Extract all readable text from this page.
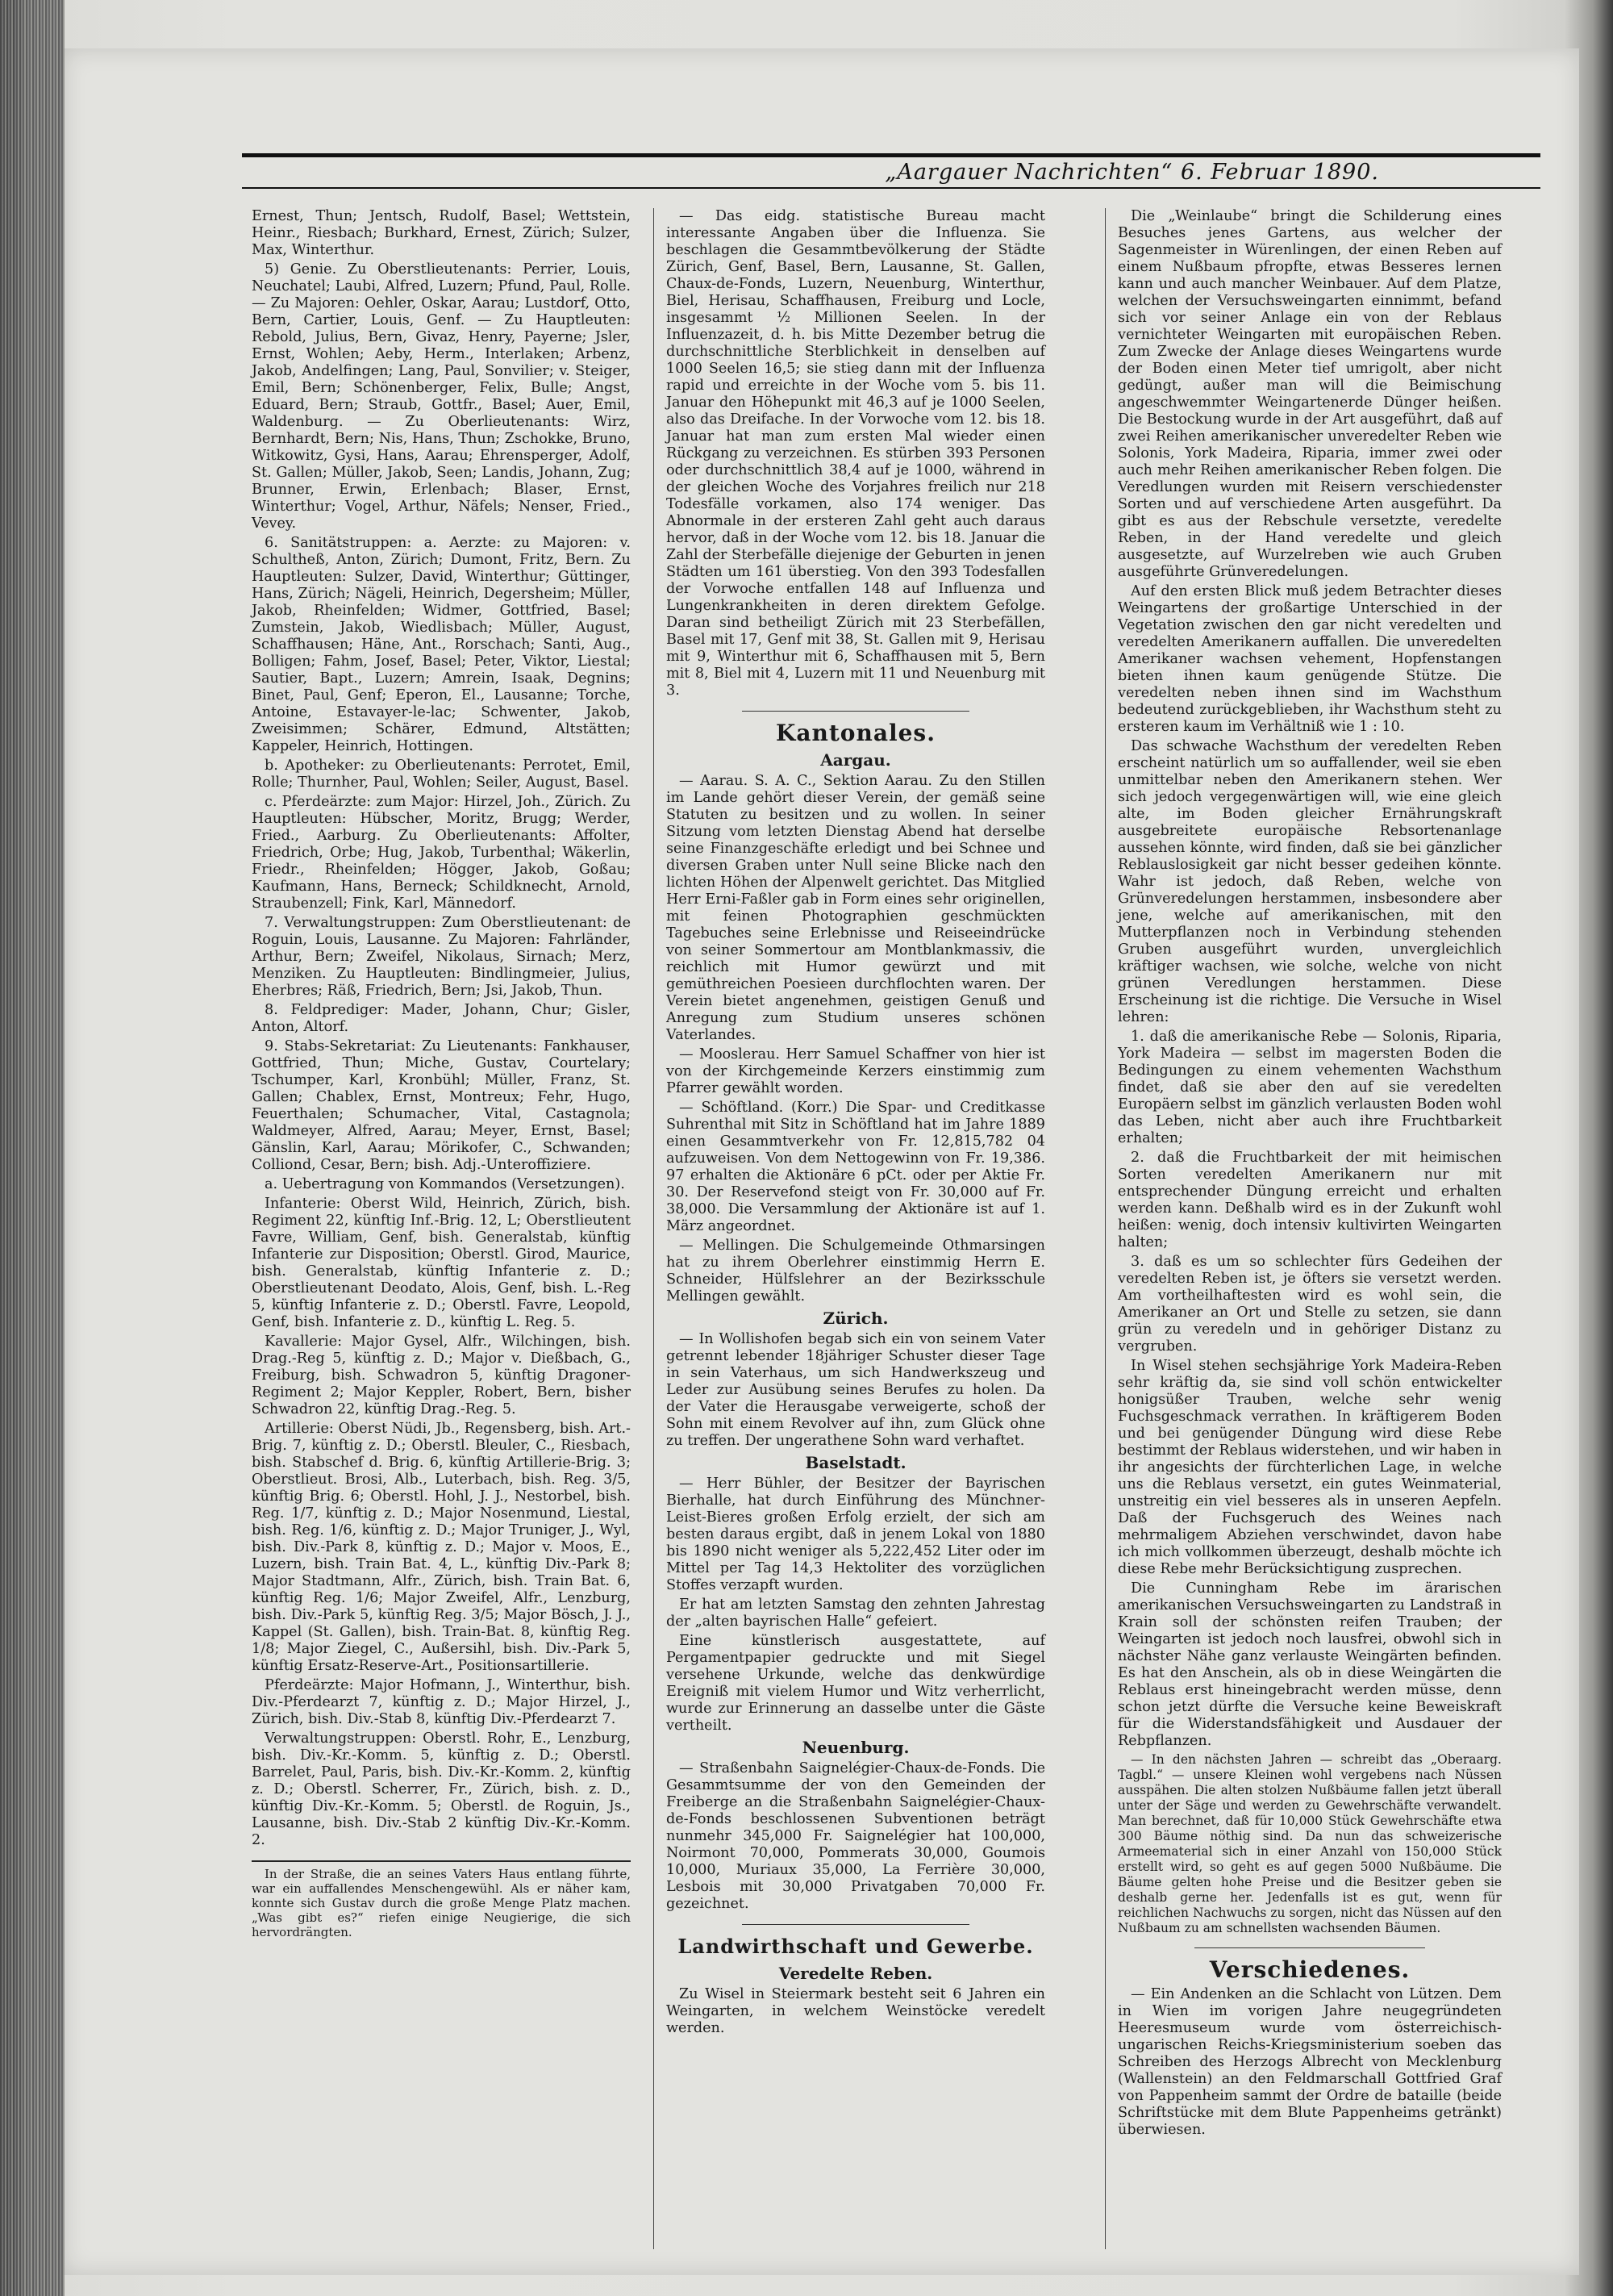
„Aargauer Nachrichten“ 6. Februar 1890.

Ernest, Thun; Jentsch, Rudolf, Basel; Wettstein, Heinr., Riesbach; Burkhard, Ernest, Zürich; Sulzer, Max, Winterthur.

5) Genie. Zu Oberstlieutenants: Perrier, Louis, Neuchatel; Laubi, Alfred, Luzern; Pfund, Paul, Rolle. — Zu Majoren: Oehler, Oskar, Aarau; Lustdorf, Otto, Bern, Cartier, Louis, Genf. — Zu Hauptleuten: Rebold, Julius, Bern, Givaz, Henry, Payerne; Jsler, Ernst, Wohlen; Aeby, Herm., Interlaken; Arbenz, Jakob, Andelfingen; Lang, Paul, Sonvilier; v. Steiger, Emil, Bern; Schönenberger, Felix, Bulle; Angst, Eduard, Bern; Straub, Gottfr., Basel; Auer, Emil, Waldenburg. — Zu Oberlieutenants: Wirz, Bernhardt, Bern; Nis, Hans, Thun; Zschokke, Bruno, Witkowitz, Gysi, Hans, Aarau; Ehrensperger, Adolf, St. Gallen; Müller, Jakob, Seen; Landis, Johann, Zug; Brunner, Erwin, Erlenbach; Blaser, Ernst, Winterthur; Vogel, Arthur, Näfels; Nenser, Fried., Vevey.

6. Sanitätstruppen: a. Aerzte: zu Majoren: v. Schultheß, Anton, Zürich; Dumont, Fritz, Bern. Zu Hauptleuten: Sulzer, David, Winterthur; Güttinger, Hans, Zürich; Nägeli, Heinrich, Degersheim; Müller, Jakob, Rheinfelden; Widmer, Gottfried, Basel; Zumstein, Jakob, Wiedlisbach; Müller, August, Schaffhausen; Häne, Ant., Rorschach; Santi, Aug., Bolligen; Fahm, Josef, Basel; Peter, Viktor, Liestal; Sautier, Bapt., Luzern; Amrein, Isaak, Degnins; Binet, Paul, Genf; Eperon, El., Lausanne; Torche, Antoine, Estavayer-le-lac; Schwenter, Jakob, Zweisimmen; Schärer, Edmund, Altstätten; Kappeler, Heinrich, Hottingen.

b. Apotheker: zu Oberlieutenants: Perrotet, Emil, Rolle; Thurnher, Paul, Wohlen; Seiler, August, Basel.

c. Pferdeärzte: zum Major: Hirzel, Joh., Zürich. Zu Hauptleuten: Hübscher, Moritz, Brugg; Werder, Fried., Aarburg. Zu Oberlieutenants: Affolter, Friedrich, Orbe; Hug, Jakob, Turbenthal; Wäkerlin, Friedr., Rheinfelden; Högger, Jakob, Goßau; Kaufmann, Hans, Berneck; Schildknecht, Arnold, Straubenzell; Fink, Karl, Männedorf.

7. Verwaltungstruppen: Zum Oberstlieutenant: de Roguin, Louis, Lausanne. Zu Majoren: Fahrländer, Arthur, Bern; Zweifel, Nikolaus, Sirnach; Merz, Menziken. Zu Hauptleuten: Bindlingmeier, Julius, Eherbres; Räß, Friedrich, Bern; Jsi, Jakob, Thun.

8. Feldprediger: Mader, Johann, Chur; Gisler, Anton, Altorf.

9. Stabs-Sekretariat: Zu Lieutenants: Fankhauser, Gottfried, Thun; Miche, Gustav, Courtelary; Tschumper, Karl, Kronbühl; Müller, Franz, St. Gallen; Chablex, Ernst, Montreux; Fehr, Hugo, Feuerthalen; Schumacher, Vital, Castagnola; Waldmeyer, Alfred, Aarau; Meyer, Ernst, Basel; Gänslin, Karl, Aarau; Mörikofer, C., Schwanden; Colliond, Cesar, Bern; bish. Adj.-Unteroffiziere.

a. Uebertragung von Kommandos (Versetzungen).

Infanterie: Oberst Wild, Heinrich, Zürich, bish. Regiment 22, künftig Inf.-Brig. 12, L; Oberstlieutent Favre, William, Genf, bish. Generalstab, künftig Infanterie zur Disposition; Oberstl. Girod, Maurice, bish. Generalstab, künftig Infanterie z. D.; Oberstlieutenant Deodato, Alois, Genf, bish. L.-Reg 5, künftig Infanterie z. D.; Oberstl. Favre, Leopold, Genf, bish. Infanterie z. D., künftig L. Reg. 5.

Kavallerie: Major Gysel, Alfr., Wilchingen, bish. Drag.-Reg 5, künftig z. D.; Major v. Dießbach, G., Freiburg, bish. Schwadron 5, künftig Dragoner-Regiment 2; Major Keppler, Robert, Bern, bisher Schwadron 22, künftig Drag.-Reg. 5.

Artillerie: Oberst Nüdi, Jb., Regensberg, bish. Art.-Brig. 7, künftig z. D.; Oberstl. Bleuler, C., Riesbach, bish. Stabschef d. Brig. 6, künftig Artillerie-Brig. 3; Oberstlieut. Brosi, Alb., Luterbach, bish. Reg. 3/5, künftig Brig. 6; Oberstl. Hohl, J. J., Nestorbel, bish. Reg. 1/7, künftig z. D.; Major Nosenmund, Liestal, bish. Reg. 1/6, künftig z. D.; Major Truniger, J., Wyl, bish. Div.-Park 8, künftig z. D.; Major v. Moos, E., Luzern, bish. Train Bat. 4, L., künftig Div.-Park 8; Major Stadtmann, Alfr., Zürich, bish. Train Bat. 6, künftig Reg. 1/6; Major Zweifel, Alfr., Lenzburg, bish. Div.-Park 5, künftig Reg. 3/5; Major Bösch, J. J., Kappel (St. Gallen), bish. Train-Bat. 8, künftig Reg. 1/8; Major Ziegel, C., Außersihl, bish. Div.-Park 5, künftig Ersatz-Reserve-Art., Positionsartillerie.

Pferdeärzte: Major Hofmann, J., Winterthur, bish. Div.-Pferdearzt 7, künftig z. D.; Major Hirzel, J., Zürich, bish. Div.-Stab 8, künftig Div.-Pferdearzt 7.

Verwaltungstruppen: Oberstl. Rohr, E., Lenzburg, bish. Div.-Kr.-Komm. 5, künftig z. D.; Oberstl. Barrelet, Paul, Paris, bish. Div.-Kr.-Komm. 2, künftig z. D.; Oberstl. Scherrer, Fr., Zürich, bish. z. D., künftig Div.-Kr.-Komm. 5; Oberstl. de Roguin, Js., Lausanne, bish. Div.-Stab 2 künftig Div.-Kr.-Komm. 2.

In der Straße, die an seines Vaters Haus entlang führte, war ein auffallendes Menschengewühl. Als er näher kam, konnte sich Gustav durch die große Menge Platz machen. „Was gibt es?“ riefen einige Neugierige, die sich hervordrängten.

— Das eidg. statistische Bureau macht interessante Angaben über die Influenza. Sie beschlagen die Gesammtbevölkerung der Städte Zürich, Genf, Basel, Bern, Lausanne, St. Gallen, Chaux-de-Fonds, Luzern, Neuenburg, Winterthur, Biel, Herisau, Schaffhausen, Freiburg und Locle, insgesammt ½ Millionen Seelen. In der Influenzazeit, d. h. bis Mitte Dezember betrug die durchschnittliche Sterblichkeit in denselben auf 1000 Seelen 16,5; sie stieg dann mit der Influenza rapid und erreichte in der Woche vom 5. bis 11. Januar den Höhepunkt mit 46,3 auf je 1000 Seelen, also das Dreifache. In der Vorwoche vom 12. bis 18. Januar hat man zum ersten Mal wieder einen Rückgang zu verzeichnen. Es stürben 393 Personen oder durchschnittlich 38,4 auf je 1000, während in der gleichen Woche des Vorjahres freilich nur 218 Todesfälle vorkamen, also 174 weniger. Das Abnormale in der ersteren Zahl geht auch daraus hervor, daß in der Woche vom 12. bis 18. Januar die Zahl der Sterbefälle diejenige der Geburten in jenen Städten um 161 überstieg. Von den 393 Todesfallen der Vorwoche entfallen 148 auf Influenza und Lungenkrankheiten in deren direktem Gefolge. Daran sind betheiligt Zürich mit 23 Sterbefällen, Basel mit 17, Genf mit 38, St. Gallen mit 9, Herisau mit 9, Winterthur mit 6, Schaffhausen mit 5, Bern mit 8, Biel mit 4, Luzern mit 11 und Neuenburg mit 3.

Kantonales.

Aargau.

— Aarau. S. A. C., Sektion Aarau. Zu den Stillen im Lande gehört dieser Verein, der gemäß seine Statuten zu besitzen und zu wollen. In seiner Sitzung vom letzten Dienstag Abend hat derselbe seine Finanzgeschäfte erledigt und bei Schnee und diversen Graben unter Null seine Blicke nach den lichten Höhen der Alpenwelt gerichtet. Das Mitglied Herr Erni-Faßler gab in Form eines sehr originellen, mit feinen Photographien geschmückten Tagebuches seine Erlebnisse und Reiseeindrücke von seiner Sommertour am Montblankmassiv, die reichlich mit Humor gewürzt und mit gemüthreichen Poesieen durchflochten waren. Der Verein bietet angenehmen, geistigen Genuß und Anregung zum Studium unseres schönen Vaterlandes.

— Mooslerau. Herr Samuel Schaffner von hier ist von der Kirchgemeinde Kerzers einstimmig zum Pfarrer gewählt worden.

— Schöftland. (Korr.) Die Spar- und Creditkasse Suhrenthal mit Sitz in Schöftland hat im Jahre 1889 einen Gesammtverkehr von Fr. 12,815,782 04 aufzuweisen. Von dem Nettogewinn von Fr. 19,386. 97 erhalten die Aktionäre 6 pCt. oder per Aktie Fr. 30. Der Reservefond steigt von Fr. 30,000 auf Fr. 38,000. Die Versammlung der Aktionäre ist auf 1. März angeordnet.

— Mellingen. Die Schulgemeinde Othmarsingen hat zu ihrem Oberlehrer einstimmig Herrn E. Schneider, Hülfslehrer an der Bezirksschule Mellingen gewählt.

Zürich.

— In Wollishofen begab sich ein von seinem Vater getrennt lebender 18jähriger Schuster dieser Tage in sein Vaterhaus, um sich Handwerkszeug und Leder zur Ausübung seines Berufes zu holen. Da der Vater die Herausgabe verweigerte, schoß der Sohn mit einem Revolver auf ihn, zum Glück ohne zu treffen. Der ungerathene Sohn ward verhaftet.

Baselstadt.

— Herr Bühler, der Besitzer der Bayrischen Bierhalle, hat durch Einführung des Münchner-Leist-Bieres großen Erfolg erzielt, der sich am besten daraus ergibt, daß in jenem Lokal von 1880 bis 1890 nicht weniger als 5,222,452 Liter oder im Mittel per Tag 14,3 Hektoliter des vorzüglichen Stoffes verzapft wurden.

Er hat am letzten Samstag den zehnten Jahrestag der „alten bayrischen Halle“ gefeiert.

Eine künstlerisch ausgestattete, auf Pergamentpapier gedruckte und mit Siegel versehene Urkunde, welche das denkwürdige Ereigniß mit vielem Humor und Witz verherrlicht, wurde zur Erinnerung an dasselbe unter die Gäste vertheilt.

Neuenburg.

— Straßenbahn Saignelégier-Chaux-de-Fonds. Die Gesammtsumme der von den Gemeinden der Freiberge an die Straßenbahn Saignelégier-Chaux-de-Fonds beschlossenen Subventionen beträgt nunmehr 345,000 Fr. Saignelégier hat 100,000, Noirmont 70,000, Pommerats 30,000, Goumois 10,000, Muriaux 35,000, La Ferrière 30,000, Lesbois mit 30,000 Privatgaben 70,000 Fr. gezeichnet.

Landwirthschaft und Gewerbe.

Veredelte Reben.

Zu Wisel in Steiermark besteht seit 6 Jahren ein Weingarten, in welchem Weinstöcke veredelt werden.

Die „Weinlaube“ bringt die Schilderung eines Besuches jenes Gartens, aus welcher der Sagenmeister in Würenlingen, der einen Reben auf einem Nußbaum pfropfte, etwas Besseres lernen kann und auch mancher Weinbauer. Auf dem Platze, welchen der Versuchsweingarten einnimmt, befand sich vor seiner Anlage ein von der Reblaus vernichteter Weingarten mit europäischen Reben. Zum Zwecke der Anlage dieses Weingartens wurde der Boden einen Meter tief umrigolt, aber nicht gedüngt, außer man will die Beimischung angeschwemmter Weingartenerde Dünger heißen. Die Bestockung wurde in der Art ausgeführt, daß auf zwei Reihen amerikanischer unveredelter Reben wie Solonis, York Madeira, Riparia, immer zwei oder auch mehr Reihen amerikanischer Reben folgen. Die Veredlungen wurden mit Reisern verschiedenster Sorten und auf verschiedene Arten ausgeführt. Da gibt es aus der Rebschule versetzte, veredelte Reben, in der Hand veredelte und gleich ausgesetzte, auf Wurzelreben wie auch Gruben ausgeführte Grünveredelungen.

Auf den ersten Blick muß jedem Betrachter dieses Weingartens der großartige Unterschied in der Vegetation zwischen den gar nicht veredelten und veredelten Amerikanern auffallen. Die unveredelten Amerikaner wachsen vehement, Hopfenstangen bieten ihnen kaum genügende Stütze. Die veredelten neben ihnen sind im Wachsthum bedeutend zurückgeblieben, ihr Wachsthum steht zu ersteren kaum im Verhältniß wie 1 : 10.

Das schwache Wachsthum der veredelten Reben erscheint natürlich um so auffallender, weil sie eben unmittelbar neben den Amerikanern stehen. Wer sich jedoch vergegenwärtigen will, wie eine gleich alte, im Boden gleicher Ernährungskraft ausgebreitete europäische Rebsortenanlage aussehen könnte, wird finden, daß sie bei gänzlicher Reblauslosigkeit gar nicht besser gedeihen könnte. Wahr ist jedoch, daß Reben, welche von Grünveredelungen herstammen, insbesondere aber jene, welche auf amerikanischen, mit den Mutterpflanzen noch in Verbindung stehenden Gruben ausgeführt wurden, unvergleichlich kräftiger wachsen, wie solche, welche von nicht grünen Veredlungen herstammen. Diese Erscheinung ist die richtige. Die Versuche in Wisel lehren:

1. daß die amerikanische Rebe — Solonis, Riparia, York Madeira — selbst im magersten Boden die Bedingungen zu einem vehementen Wachsthum findet, daß sie aber den auf sie veredelten Europäern selbst im gänzlich verlausten Boden wohl das Leben, nicht aber auch ihre Fruchtbarkeit erhalten;

2. daß die Fruchtbarkeit der mit heimischen Sorten veredelten Amerikanern nur mit entsprechender Düngung erreicht und erhalten werden kann. Deßhalb wird es in der Zukunft wohl heißen: wenig, doch intensiv kultivirten Weingarten halten;

3. daß es um so schlechter fürs Gedeihen der veredelten Reben ist, je öfters sie versetzt werden. Am vortheilhaftesten wird es wohl sein, die Amerikaner an Ort und Stelle zu setzen, sie dann grün zu veredeln und in gehöriger Distanz zu vergruben.

In Wisel stehen sechsjährige York Madeira-Reben sehr kräftig da, sie sind voll schön entwickelter honigsüßer Trauben, welche sehr wenig Fuchsgeschmack verrathen. In kräftigerem Boden und bei genügender Düngung wird diese Rebe bestimmt der Reblaus widerstehen, und wir haben in ihr angesichts der fürchterlichen Lage, in welche uns die Reblaus versetzt, ein gutes Weinmaterial, unstreitig ein viel besseres als in unseren Aepfeln. Daß der Fuchsgeruch des Weines nach mehrmaligem Abziehen verschwindet, davon habe ich mich vollkommen überzeugt, deshalb möchte ich diese Rebe mehr Berücksichtigung zusprechen.

Die Cunningham Rebe im ärarischen amerikanischen Versuchsweingarten zu Landstraß in Krain soll der schönsten reifen Trauben; der Weingarten ist jedoch noch lausfrei, obwohl sich in nächster Nähe ganz verlauste Weingärten befinden. Es hat den Anschein, als ob in diese Weingärten die Reblaus erst hineingebracht werden müsse, denn schon jetzt dürfte die Versuche keine Beweiskraft für die Widerstandsfähigkeit und Ausdauer der Rebpflanzen.

— In den nächsten Jahren — schreibt das „Oberaarg. Tagbl.“ — unsere Kleinen wohl vergebens nach Nüssen ausspähen. Die alten stolzen Nußbäume fallen jetzt überall unter der Säge und werden zu Gewehrschäfte verwandelt. Man berechnet, daß für 10,000 Stück Gewehrschäfte etwa 300 Bäume nöthig sind. Da nun das schweizerische Armeematerial sich in einer Anzahl von 150,000 Stück erstellt wird, so geht es auf gegen 5000 Nußbäume. Die Bäume gelten hohe Preise und die Besitzer geben sie deshalb gerne her. Jedenfalls ist es gut, wenn für reichlichen Nachwuchs zu sorgen, nicht das Nüssen auf den Nußbaum zu am schnellsten wachsenden Bäumen.

Verschiedenes.

— Ein Andenken an die Schlacht von Lützen. Dem in Wien im vorigen Jahre neugegründeten Heeresmuseum wurde vom österreichisch-ungarischen Reichs-Kriegsministerium soeben das Schreiben des Herzogs Albrecht von Mecklenburg (Wallenstein) an den Feldmarschall Gottfried Graf von Pappenheim sammt der Ordre de bataille (beide Schriftstücke mit dem Blute Pappenheims getränkt) überwiesen.
